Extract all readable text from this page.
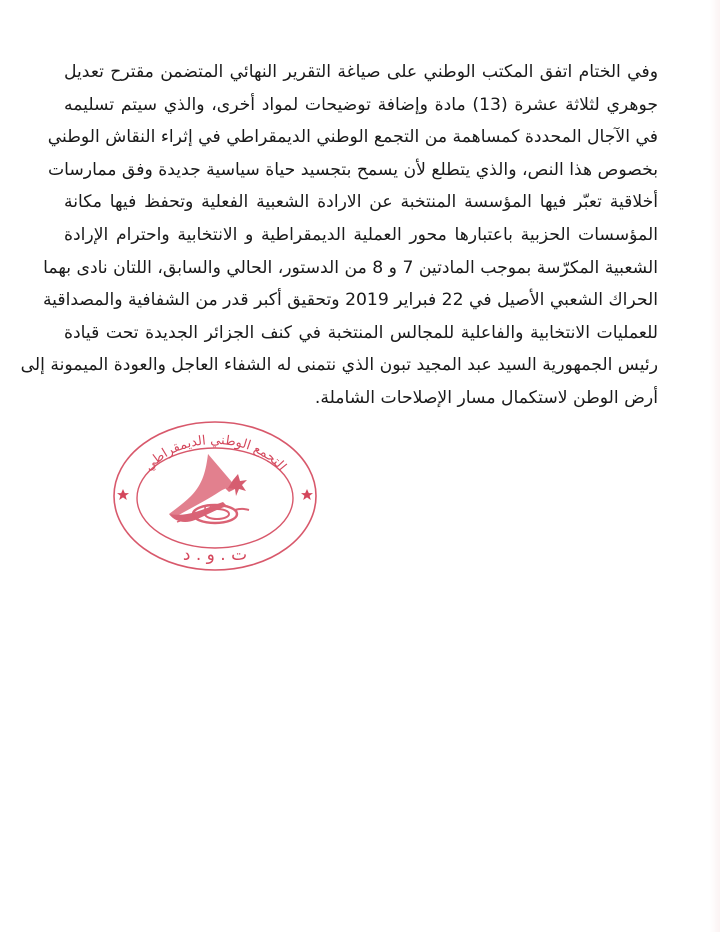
وفي الختام اتفق المكتب الوطني على صياغة التقرير النهائي المتضمن مقترح تعديل
جوهري لثلاثة عشرة (13) مادة وإضافة توضيحات لمواد أخرى، والذي سيتم تسليمه
في الآجال المحددة كمساهمة من التجمع الوطني الديمقراطي في إثراء النقاش الوطني
بخصوص هذا النص، والذي يتطلع لأن يسمح بتجسيد حياة سياسية جديدة وفق ممارسات
أخلاقية تعبّر فيها المؤسسة المنتخبة عن الارادة الشعبية الفعلية وتحفظ فيها مكانة
المؤسسات الحزبية باعتبارها محور العملية الديمقراطية و الانتخابية واحترام الإرادة
الشعبية المكرّسة بموجب المادتين 7 و 8 من الدستور، الحالي والسابق، اللتان نادى بهما
الحراك الشعبي الأصيل في 22 فبراير 2019 وتحقيق أكبر قدر من الشفافية والمصداقية
للعمليات الانتخابية والفاعلية للمجالس المنتخبة في كنف الجزائر الجديدة تحت قيادة
رئيس الجمهورية السيد عبد المجيد تبون الذي نتمنى له الشفاء العاجل والعودة الميمونة إلى
أرض الوطن لاستكمال مسار الإصلاحات الشاملة.
التجمع الوطني الديمقراطي
ت . و . د
